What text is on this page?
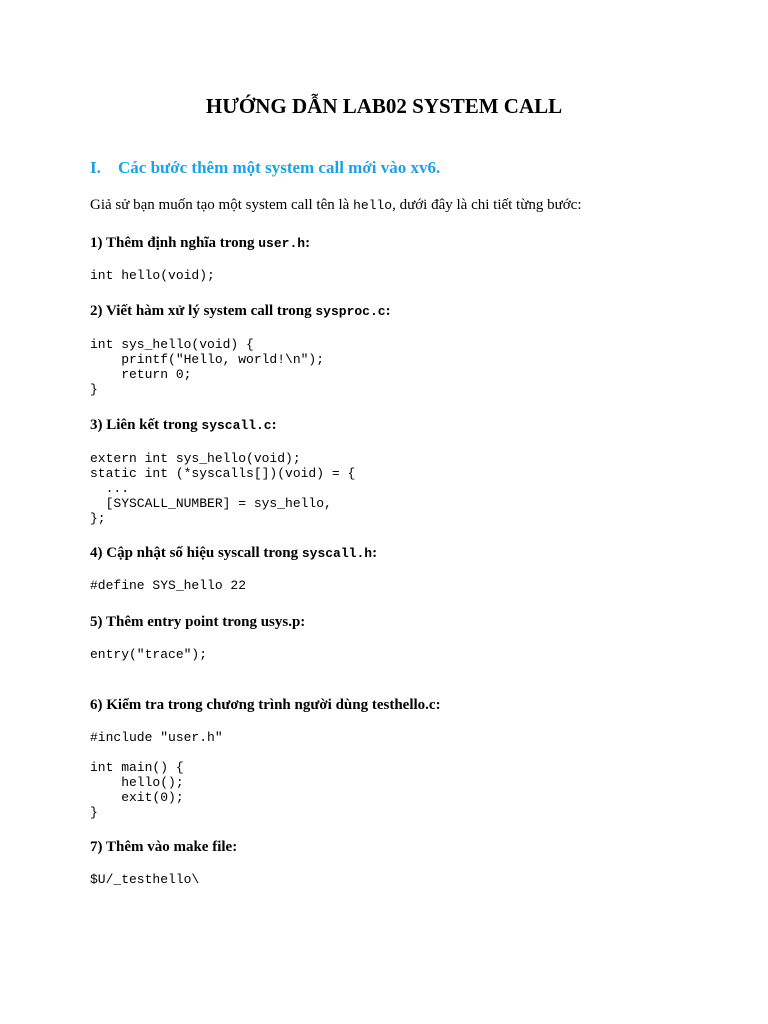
HƯỚNG DẪN LAB02 SYSTEM CALL
I. Các bước thêm một system call mới vào xv6.
Giả sử bạn muốn tạo một system call tên là hello, dưới đây là chi tiết từng bước:
1) Thêm định nghĩa trong user.h:
int hello(void);
2) Viết hàm xử lý system call trong sysproc.c:
int sys_hello(void) {
printf("Hello, world!\n");
return 0;
}
3) Liên kết trong syscall.c:
extern int sys_hello(void);
static int (*syscalls[])(void) = {
...
[SYSCALL_NUMBER] = sys_hello,
};
4) Cập nhật số hiệu syscall trong syscall.h:
#define SYS_hello 22
5) Thêm entry point trong usys.p:
entry("trace");
6) Kiểm tra trong chương trình người dùng testhello.c:
#include "user.h"

int main() {
hello();
exit(0);
}
7) Thêm vào make file:
$U/_testhello\
